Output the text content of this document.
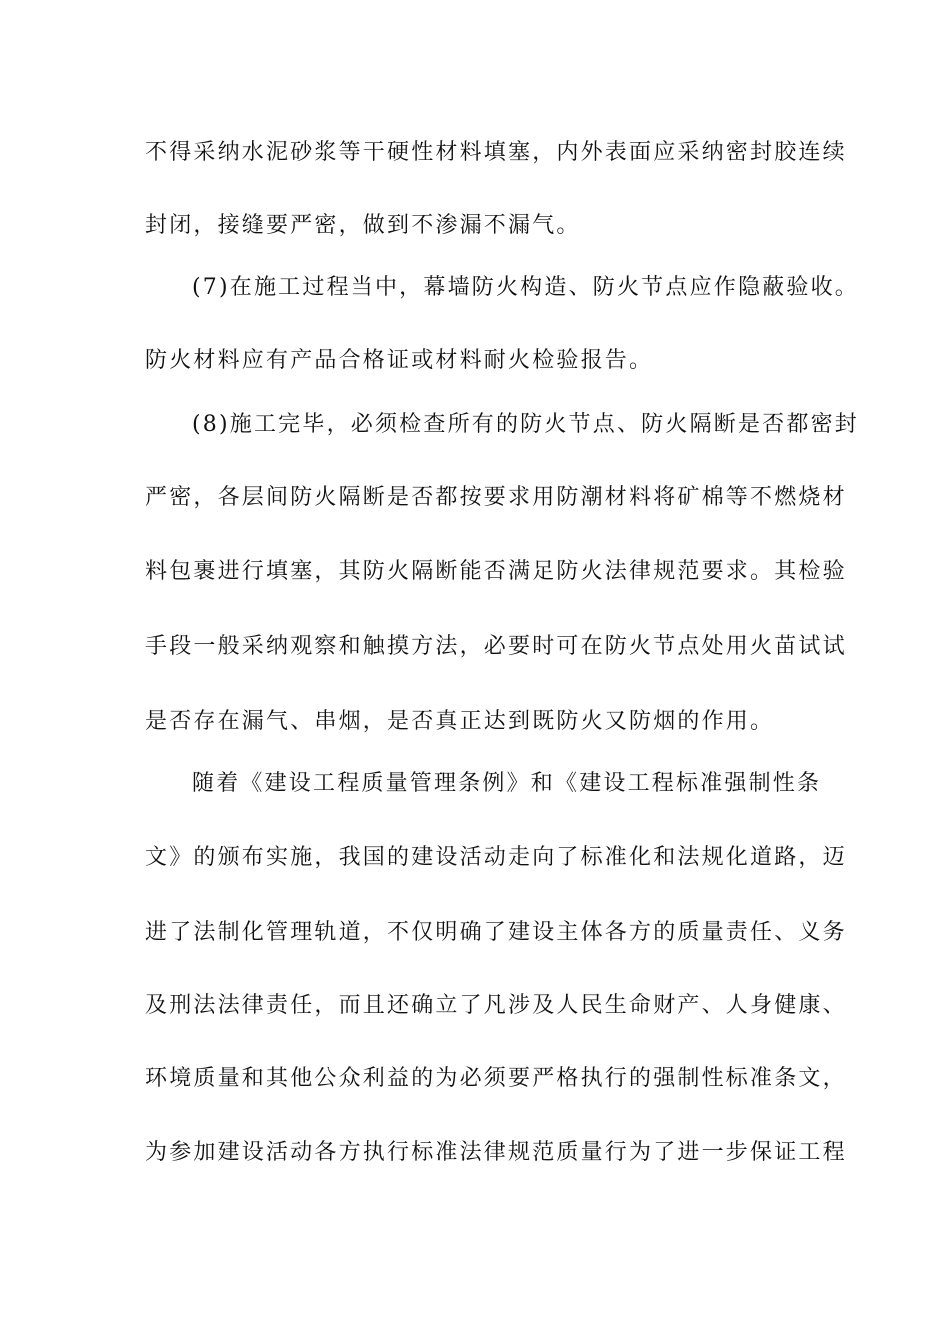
不得采纳水泥砂浆等干硬性材料填塞，内外表面应采纳密封胶连续
封闭，接缝要严密，做到不渗漏不漏气。
(7)在施工过程当中，幕墙防火构造、防火节点应作隐蔽验收。
防火材料应有产品合格证或材料耐火检验报告。
(8)施工完毕，必须检查所有的防火节点、防火隔断是否都密封
严密，各层间防火隔断是否都按要求用防潮材料将矿棉等不燃烧材
料包裹进行填塞，其防火隔断能否满足防火法律规范要求。其检验
手段一般采纳观察和触摸方法，必要时可在防火节点处用火苗试试
是否存在漏气、串烟，是否真正达到既防火又防烟的作用。
随着《建设工程质量管理条例》和《建设工程标准强制性条
文》的颁布实施，我国的建设活动走向了标准化和法规化道路，迈
进了法制化管理轨道，不仅明确了建设主体各方的质量责任、义务
及刑法法律责任，而且还确立了凡涉及人民生命财产、人身健康、
环境质量和其他公众利益的为必须要严格执行的强制性标准条文，
为参加建设活动各方执行标准法律规范质量行为了进一步保证工程
